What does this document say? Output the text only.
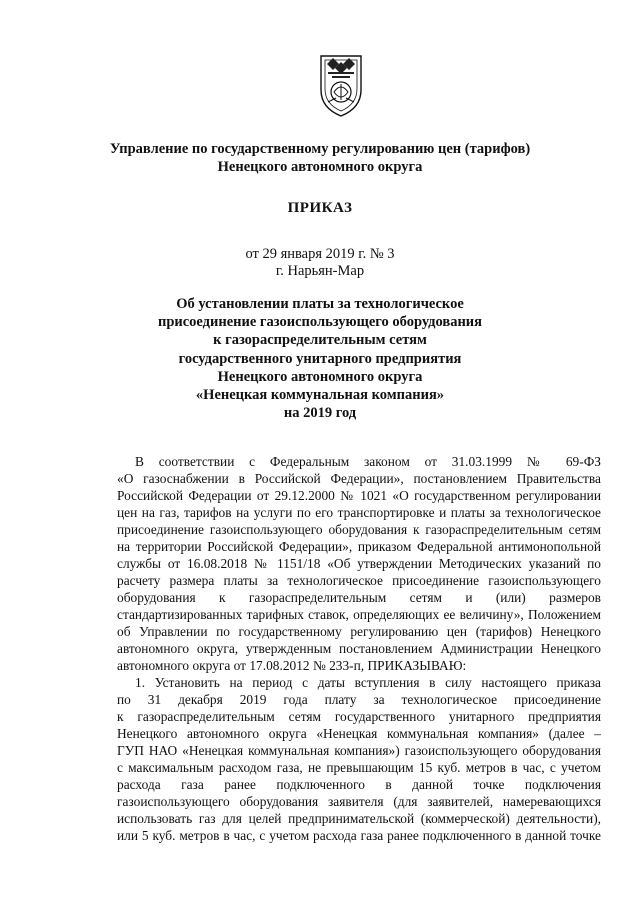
Управление по государственному регулированию цен (тарифов)
Ненецкого автономного округа
ПРИКАЗ
от 29 января 2019 г. № 3
г. Нарьян-Мар
Об установлении платы за технологическое
присоединение газоиспользующего оборудования
к газораспределительным сетям
государственного унитарного предприятия
Ненецкого автономного округа
«Ненецкая коммунальная компания»
на 2019 год
В соответствии с Федеральным законом от 31.03.1999 № 69-ФЗ
«О газоснабжении в Российской Федерации», постановлением Правительства
Российской Федерации от 29.12.2000 № 1021 «О государственном регулировании
цен на газ, тарифов на услуги по его транспортировке и платы за технологическое
присоединение газоиспользующего оборудования к газораспределительным сетям
на территории Российской Федерации», приказом Федеральной антимонопольной
службы от 16.08.2018 № 1151/18 «Об утверждении Методических указаний по
расчету размера платы за технологическое присоединение газоиспользующего
оборудования к газораспределительным сетям и (или) размеров
стандартизированных тарифных ставок, определяющих ее величину», Положением
об Управлении по государственному регулированию цен (тарифов) Ненецкого
автономного округа, утвержденным постановлением Администрации Ненецкого
автономного округа от 17.08.2012 № 233-п, ПРИКАЗЫВАЮ:
1. Установить на период с даты вступления в силу настоящего приказа
по 31 декабря 2019 года плату за технологическое присоединение
к газораспределительным сетям государственного унитарного предприятия
Ненецкого автономного округа «Ненецкая коммунальная компания» (далее –
ГУП НАО «Ненецкая коммунальная компания») газоиспользующего оборудования
с максимальным расходом газа, не превышающим 15 куб. метров в час, с учетом
расхода газа ранее подключенного в данной точке подключения
газоиспользующего оборудования заявителя (для заявителей, намеревающихся
использовать газ для целей предпринимательской (коммерческой) деятельности),
или 5 куб. метров в час, с учетом расхода газа ранее подключенного в данной точке
